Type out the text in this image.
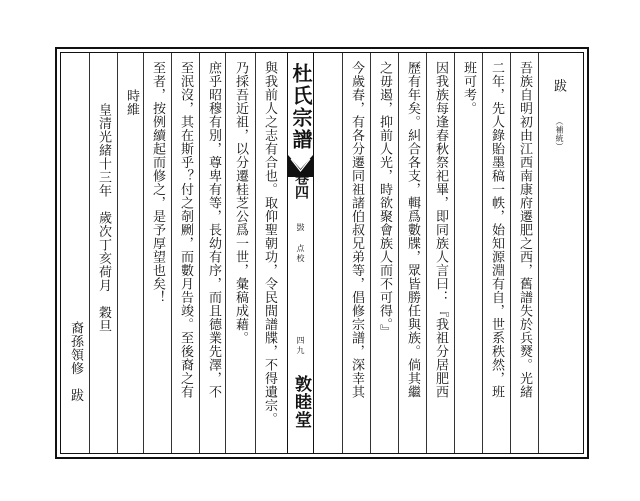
與我前人之志有合也。取仰聖朝功，令民間譜牒，不得遺宗。
乃採吾近祖，以分遷桂芝公爲一世，彙稿成藉。
庶乎昭穆有別，尊卑有等，長幼有序，而且德業先澤，不
至泯沒，其在斯乎？付之剞劂，而數月告竣。至後裔之有
至者，按例續起而修之，是予厚望也矣！
時維
皇清光緒十三年　歲次丁亥荷月　穀旦
裔孫領修　跋
杜氏宗譜
卷四
敱 点校
四九
敦睦堂
跋
（補統）
吾族自明初由江西南康府遷肥之西，舊譜失於兵燹。光緒
二年，先人錄貽墨稿一帙，始知源淵有自，世系秩然，班
班可考。
因我族每逢春秋祭祀畢，即同族人言曰：『我祖分居肥西
歷有年矣。糾合各支，輯爲數牒，眾皆勝任與族。倘其繼
之毋遏，抑前人光，時欲聚會族人而不可得。』
今歲春，有各分遷同祖諸伯叔兄弟等，倡修宗譜，深幸其
